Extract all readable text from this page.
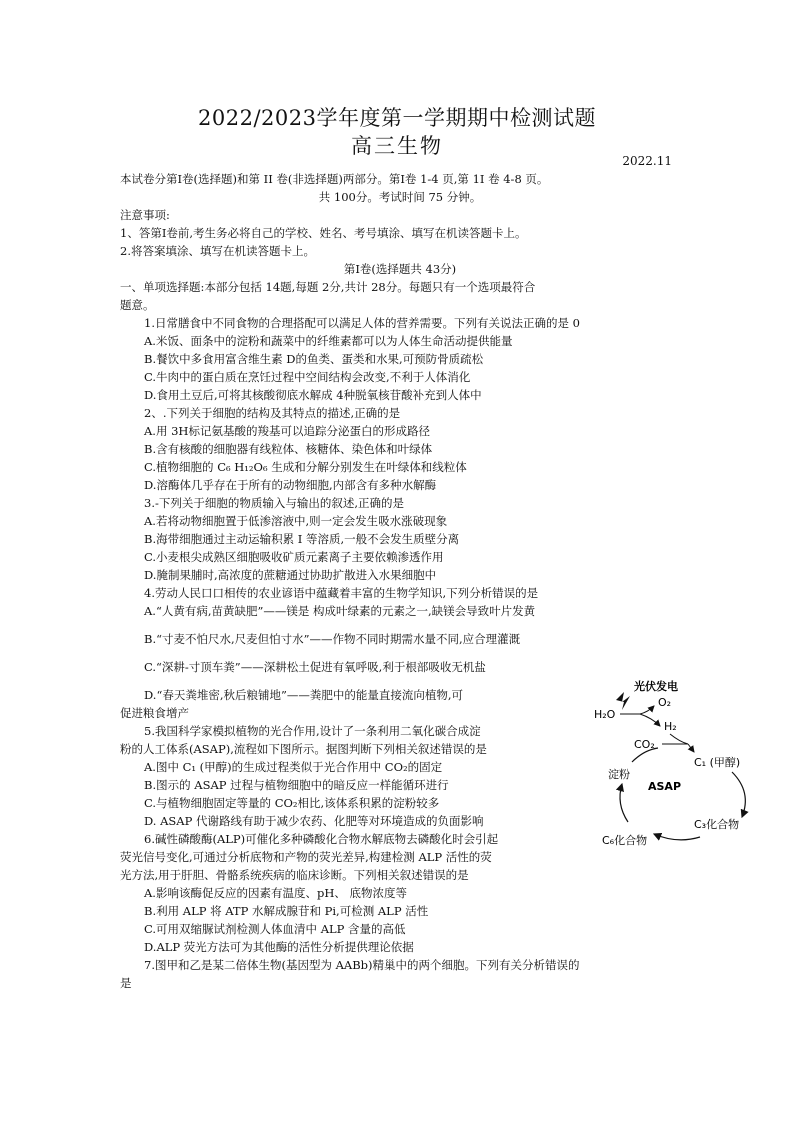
2022/2023学年度第一学期期中检测试题
高三生物
2022.11
本试卷分第Ⅰ卷(选择题)和第 II 卷(非选择题)两部分。第Ⅰ卷 1-4 页,第 1I 卷 4-8 页。
共 100分。考试时间 75 分钟。
注意事项:
1、答第Ⅰ卷前,考生务必将自己的学校、姓名、考号填涂、填写在机读答题卡上。
2.将答案填涂、填写在机读答题卡上。
第Ⅰ卷(选择题共 43分)
一、单项选择题:本部分包括 14题,每题 2分,共计 28分。每题只有一个选项最符合
题意。
1.日常膳食中不同食物的合理搭配可以满足人体的营养需要。下列有关说法正确的是 0
A.米饭、面条中的淀粉和蔬菜中的纤维素都可以为人体生命活动提供能量
B.餐饮中多食用富含维生素 D的鱼类、蛋类和水果,可预防骨质疏松
C.牛肉中的蛋白质在烹饪过程中空间结构会改变,不利于人体消化
D.食用土豆后,可将其核酸彻底水解成 4种脱氧核苷酸补充到人体中
2、.下列关于细胞的结构及其特点的描述,正确的是
A.用 3H标记氨基酸的羧基可以追踪分泌蛋白的形成路径
B.含有核酸的细胞器有线粒体、核糖体、染色体和叶绿体
C.植物细胞的 C₆ H₁₂O₆ 生成和分解分别发生在叶绿体和线粒体
D.溶酶体几乎存在于所有的动物细胞,内部含有多种水解酶
3.-下列关于细胞的物质输入与输出的叙述,正确的是
A.若将动物细胞置于低渗溶液中,则一定会发生吸水涨破现象
B.海带细胞通过主动运输积累 I 等溶质,一般不会发生质壁分离
C.小麦根尖成熟区细胞吸收矿质元素离子主要依赖渗透作用
D.腌制果脯时,高浓度的蔗糖通过协助扩散进入水果细胞中
4.劳动人民口口相传的农业谚语中蕴藏着丰富的生物学知识,下列分析错误的是
A.“人黄有病,苗黄缺肥”——镁是 构成叶绿素的元素之一,缺镁会导致叶片发黄
B.“寸麦不怕尺水,尺麦但怕寸水”——作物不同时期需水量不同,应合理灌溉
C.“深耕-寸顶车粪”——深耕松土促进有氧呼吸,利于根部吸收无机盐
D.“春天粪堆密,秋后粮铺地”——粪肥中的能量直接流向植物,可
促进粮食增产
5.我国科学家模拟植物的光合作用,设计了一条利用二氧化碳合成淀
粉的人工体系(ASAP),流程如下图所示。据图判断下列相关叙述错误的是
A.图中 C₁ (甲醇)的生成过程类似于光合作用中 CO₂的固定
B.图示的 ASAP 过程与植物细胞中的暗反应一样能循环进行
C.与植物细胞固定等量的 CO₂相比,该体系积累的淀粉较多
D. ASAP 代谢路线有助于减少农药、化肥等对环境造成的负面影响
6.碱性磷酸酶(ALP)可催化多种磷酸化合物水解底物去磷酸化时会引起
荧光信号变化,可通过分析底物和产物的荧光差异,构建检测 ALP 活性的荧
光方法,用于肝胆、骨骼系统疾病的临床诊断。下列相关叙述错误的是
A.影响该酶促反应的因素有温度、pH、 底物浓度等
B.利用 ALP 将 ATP 水解成腺苷和 Pi,可检测 ALP 活性
C.可用双缩脲试剂检测人体血清中 ALP 含量的高低
D.ALP 荧光方法可为其他酶的活性分析提供理论依据
7.图甲和乙是某二倍体生物(基因型为 AABb)精巢中的两个细胞。下列有关分析错误的
是
光伏发电
H₂O
O₂
H₂
CO₂
C₁ (甲醇)
淀粉
ASAP
C₃化合物
C₆化合物
